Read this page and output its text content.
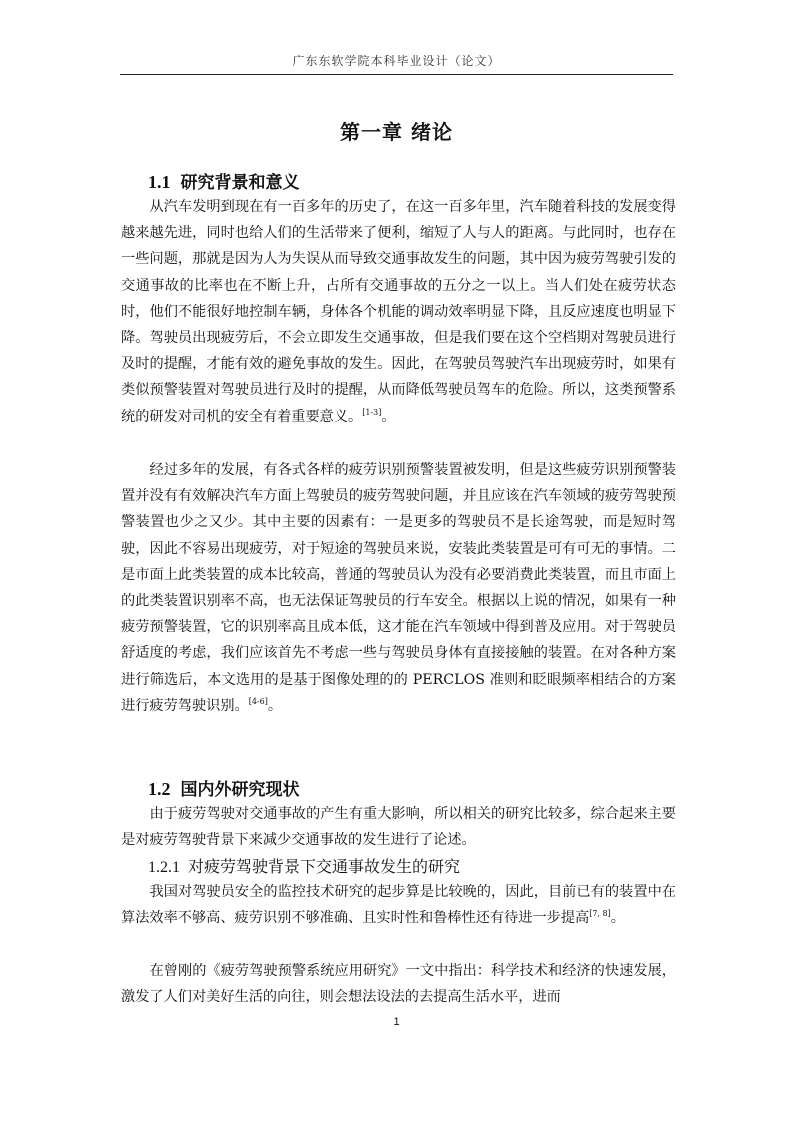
广东东软学院本科毕业设计（论文）
第一章 绪论
1.1 研究背景和意义
从汽车发明到现在有一百多年的历史了，在这一百多年里，汽车随着科技的发展变得越来越先进，同时也给人们的生活带来了便利，缩短了人与人的距离。与此同时，也存在一些问题，那就是因为人为失误从而导致交通事故发生的问题，其中因为疲劳驾驶引发的交通事故的比率也在不断上升，占所有交通事故的五分之一以上。当人们处在疲劳状态时，他们不能很好地控制车辆，身体各个机能的调动效率明显下降，且反应速度也明显下降。驾驶员出现疲劳后，不会立即发生交通事故，但是我们要在这个空档期对驾驶员进行及时的提醒，才能有效的避免事故的发生。因此，在驾驶员驾驶汽车出现疲劳时，如果有类似预警装置对驾驶员进行及时的提醒，从而降低驾驶员驾车的危险。所以，这类预警系统的研发对司机的安全有着重要意义。[1-3]。
经过多年的发展，有各式各样的疲劳识别预警装置被发明，但是这些疲劳识别预警装置并没有有效解决汽车方面上驾驶员的疲劳驾驶问题，并且应该在汽车领域的疲劳驾驶预警装置也少之又少。其中主要的因素有：一是更多的驾驶员不是长途驾驶，而是短时驾驶，因此不容易出现疲劳，对于短途的驾驶员来说，安装此类装置是可有可无的事情。二是市面上此类装置的成本比较高，普通的驾驶员认为没有必要消费此类装置，而且市面上的此类装置识别率不高，也无法保证驾驶员的行车安全。根据以上说的情况，如果有一种疲劳预警装置，它的识别率高且成本低，这才能在汽车领域中得到普及应用。对于驾驶员舒适度的考虑，我们应该首先不考虑一些与驾驶员身体有直接接触的装置。在对各种方案进行筛选后，本文选用的是基于图像处理的的 PERCLOS 准则和眨眼频率相结合的方案进行疲劳驾驶识别。[4-6]。
1.2 国内外研究现状
由于疲劳驾驶对交通事故的产生有重大影响，所以相关的研究比较多，综合起来主要是对疲劳驾驶背景下来减少交通事故的发生进行了论述。
1.2.1 对疲劳驾驶背景下交通事故发生的研究
我国对驾驶员安全的监控技术研究的起步算是比较晚的，因此，目前已有的装置中在算法效率不够高、疲劳识别不够准确、且实时性和鲁棒性还有待进一步提高[7, 8]。
在曾刚的《疲劳驾驶预警系统应用研究》一文中指出：科学技术和经济的快速发展，激发了人们对美好生活的向往，则会想法设法的去提高生活水平，进而
1
